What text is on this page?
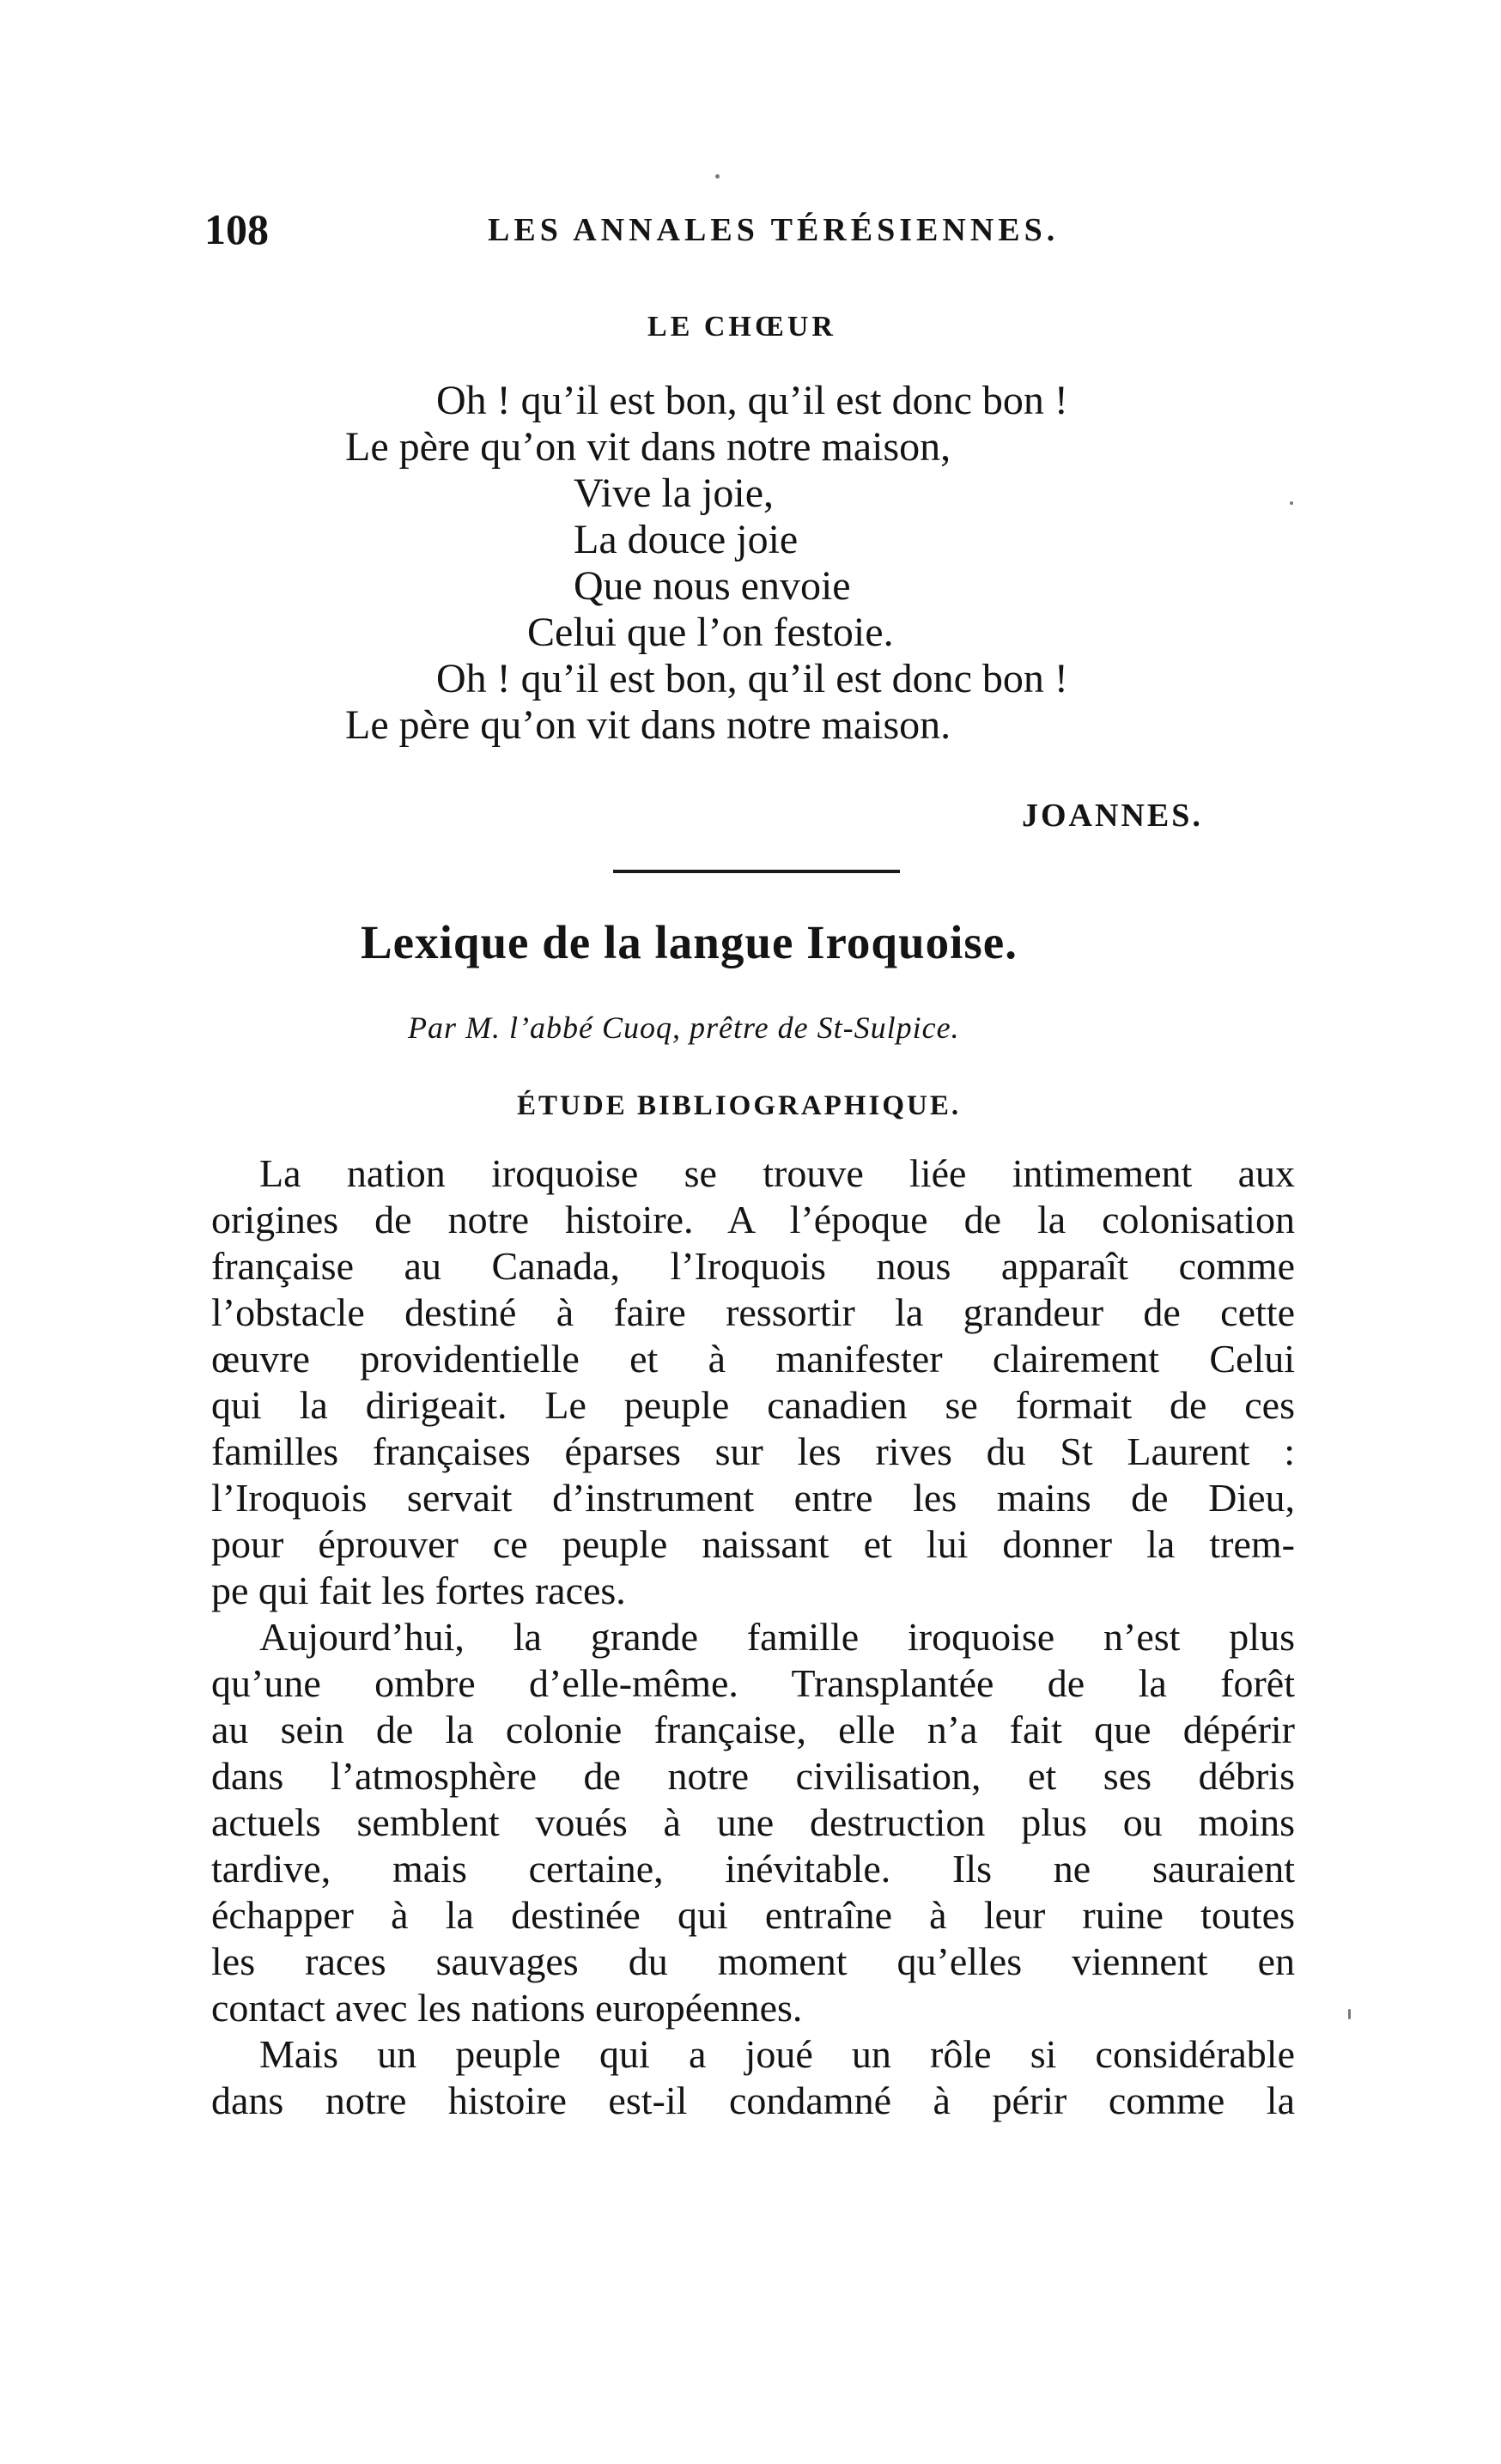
108	LES ANNALES TÉRÉSIENNES.
LE CHŒUR
Oh ! qu’il est bon, qu’il est donc bon !
Le père qu’on vit dans notre maison,
Vive la joie,
La douce joie
Que nous envoie
Celui que l’on festoie.
Oh ! qu’il est bon, qu’il est donc bon !
Le père qu’on vit dans notre maison.
JOANNES.
Lexique de la langue Iroquoise.
Par M. l’abbé Cuoq, prêtre de St-Sulpice.
ÉTUDE BIBLIOGRAPHIQUE.
La nation iroquoise se trouve liée intimement aux
origines de notre histoire. A l’époque de la colonisation
française au Canada, l’Iroquois nous apparaît comme
l’obstacle destiné à faire ressortir la grandeur de cette
œuvre providentielle et à manifester clairement Celui
qui la dirigeait. Le peuple canadien se formait de ces
familles françaises éparses sur les rives du St Laurent :
l’Iroquois servait d’instrument entre les mains de Dieu,
pour éprouver ce peuple naissant et lui donner la trem-
pe qui fait les fortes races.
Aujourd’hui, la grande famille iroquoise n’est plus
qu’une ombre d’elle-même. Transplantée de la forêt
au sein de la colonie française, elle n’a fait que dépérir
dans l’atmosphère de notre civilisation, et ses débris
actuels semblent voués à une destruction plus ou moins
tardive, mais certaine, inévitable. Ils ne sauraient
échapper à la destinée qui entraîne à leur ruine toutes
les races sauvages du moment qu’elles viennent en
contact avec les nations européennes.
Mais un peuple qui a joué un rôle si considérable
dans notre histoire est-il condamné à périr comme la
